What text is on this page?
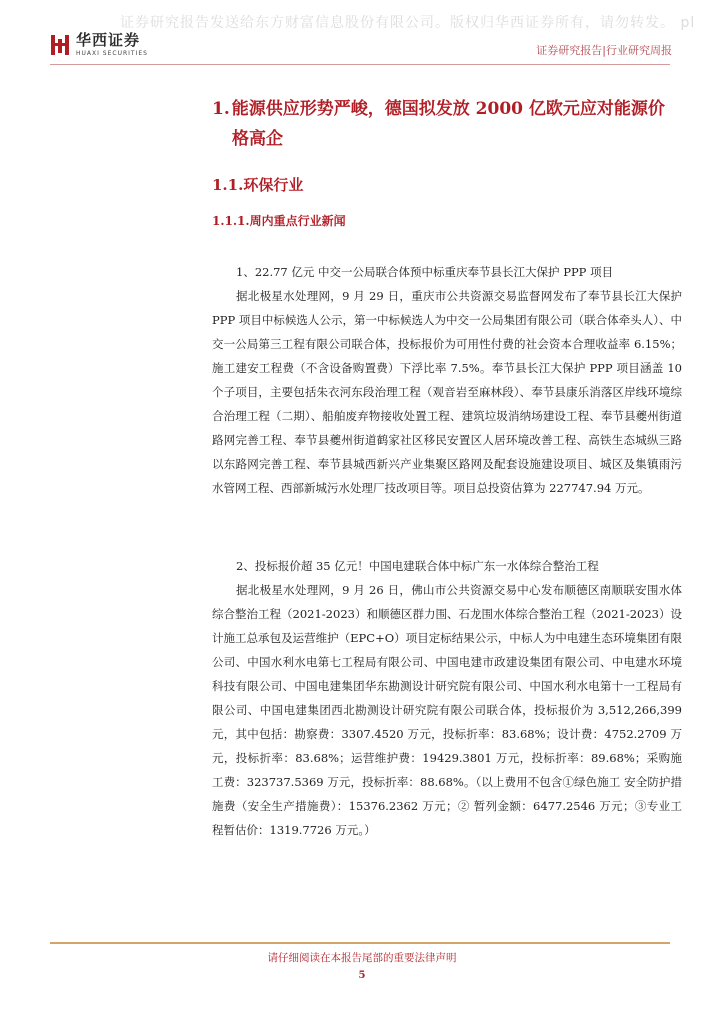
证券研究报告发送给东方财富信息股份有限公司。版权归华西证券所有，请勿转发。 pl
华西证券
HUAXI SECURITIES	证券研究报告|行业研究周报
1. 能源供应形势严峻，德国拟发放 2000 亿欧元应对能源价
格高企
1.1.环保行业
1.1.1.周内重点行业新闻

1、22.77 亿元 中交一公局联合体预中标重庆奉节县长江大保护 PPP 项目

据北极星水处理网，9 月 29 日，重庆市公共资源交易监督网发布了奉节县长江大保护 PPP 项目中标候选人公示，第一中标候选人为中交一公局集团有限公司（联合体牵头人）、中交一公局第三工程有限公司联合体，投标报价为可用性付费的社会资本合理收益率 6.15%；施工建安工程费（不含设备购置费）下浮比率 7.5%。奉节县长江大保护 PPP 项目涵盖 10 个子项目，主要包括朱衣河东段治理工程（观音岩至麻林段）、奉节县康乐消落区岸线环境综合治理工程（二期）、船舶废弃物接收处置工程、建筑垃圾消纳场建设工程、奉节县夔州街道路网完善工程、奉节县夔州街道鹤家社区移民安置区人居环境改善工程、高铁生态城纵三路以东路网完善工程、奉节县城西新兴产业集聚区路网及配套设施建设项目、城区及集镇雨污水管网工程、西部新城污水处理厂技改项目等。项目总投资估算为 227747.94 万元。

2、投标报价超 35 亿元！中国电建联合体中标广东一水体综合整治工程

据北极星水处理网，9 月 26 日，佛山市公共资源交易中心发布顺德区南顺联安围水体综合整治工程（2021-2023）和顺德区群力围、石龙围水体综合整治工程（2021-2023）设计施工总承包及运营维护（EPC+O）项目定标结果公示，中标人为中电建生态环境集团有限公司、中国水利水电第七工程局有限公司、中国电建市政建设集团有限公司、中电建水环境科技有限公司、中国电建集团华东勘测设计研究院有限公司、中国水利水电第十一工程局有限公司、中国电建集团西北勘测设计研究院有限公司联合体，投标报价为 3,512,266,399 元，其中包括：勘察费：3307.4520 万元，投标折率：83.68%；设计费：4752.2709 万元，投标折率：83.68%；运营维护费：19429.3801 万元，投标折率：89.68%；采购施工费：323737.5369 万元，投标折率：88.68%。（以上费用不包含①绿色施工 安全防护措施费（安全生产措施费）：15376.2362 万元；② 暂列金额：6477.2546 万元；③专业工程暂估价：1319.7726 万元。）

请仔细阅读在本报告尾部的重要法律声明
5
